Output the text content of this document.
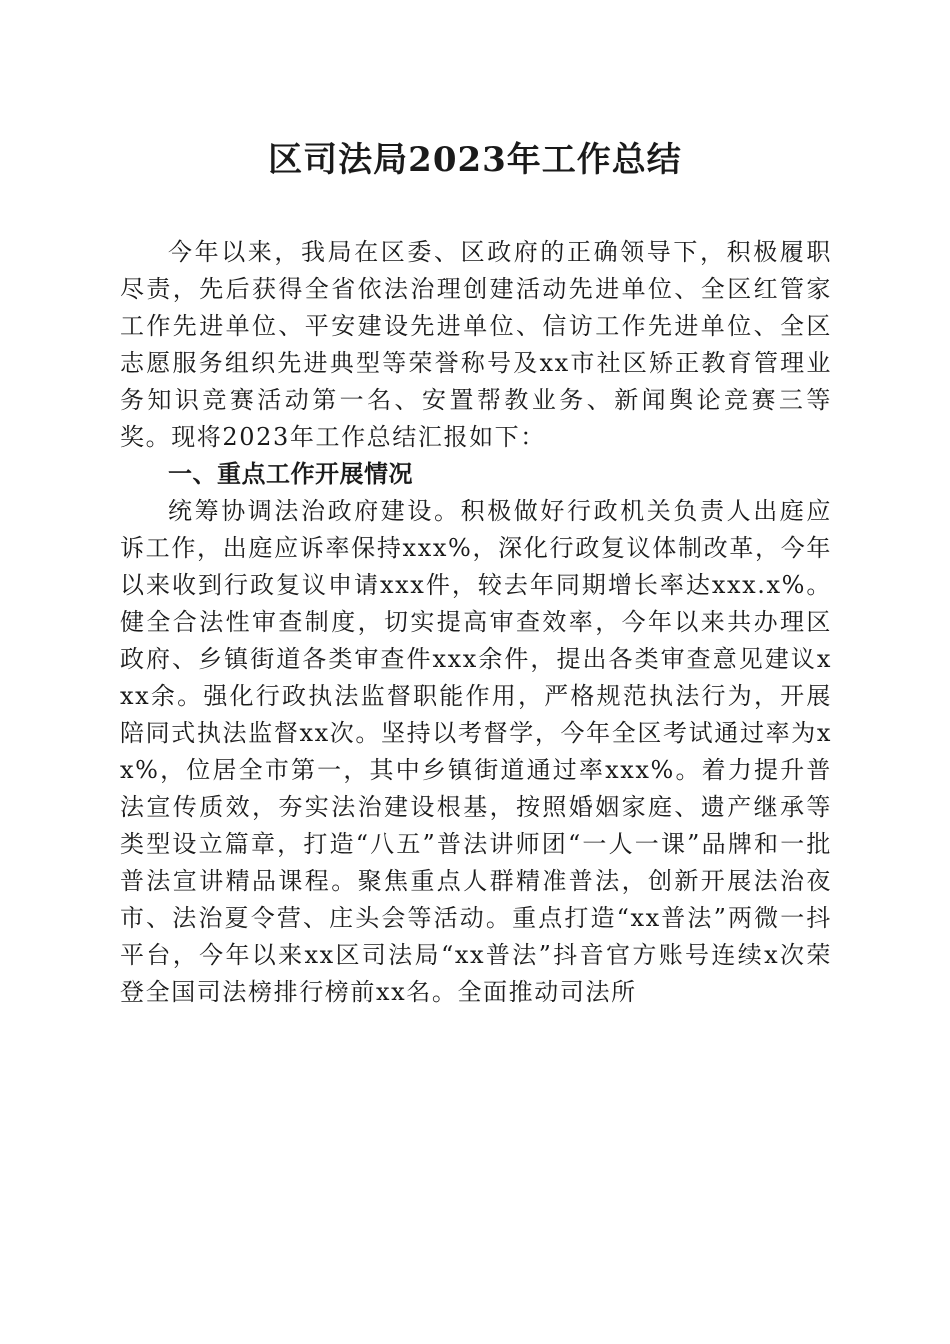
区司法局2023年工作总结

今年以来，我局在区委、区政府的正确领导下，积极履职尽责，先后获得全省依法治理创建活动先进单位、全区红管家工作先进单位、平安建设先进单位、信访工作先进单位、全区志愿服务组织先进典型等荣誉称号及xx市社区矫正教育管理业务知识竞赛活动第一名、安置帮教业务、新闻舆论竞赛三等奖。现将2023年工作总结汇报如下：

一、重点工作开展情况

统筹协调法治政府建设。积极做好行政机关负责人出庭应诉工作，出庭应诉率保持xxx%，深化行政复议体制改革，今年以来收到行政复议申请xxx件，较去年同期增长率达xxx.x%。健全合法性审查制度，切实提高审查效率，今年以来共办理区政府、乡镇街道各类审查件xxx余件，提出各类审查意见建议xxx余。强化行政执法监督职能作用，严格规范执法行为，开展陪同式执法监督xx次。坚持以考督学，今年全区考试通过率为xx%，位居全市第一，其中乡镇街道通过率xxx%。着力提升普法宣传质效，夯实法治建设根基，按照婚姻家庭、遗产继承等类型设立篇章，打造“八五”普法讲师团“一人一课”品牌和一批普法宣讲精品课程。聚焦重点人群精准普法，创新开展法治夜市、法治夏令营、庄头会等活动。重点打造“xx普法”两微一抖平台，今年以来xx区司法局“xx普法”抖音官方账号连续x次荣登全国司法榜排行榜前xx名。全面推动司法所
